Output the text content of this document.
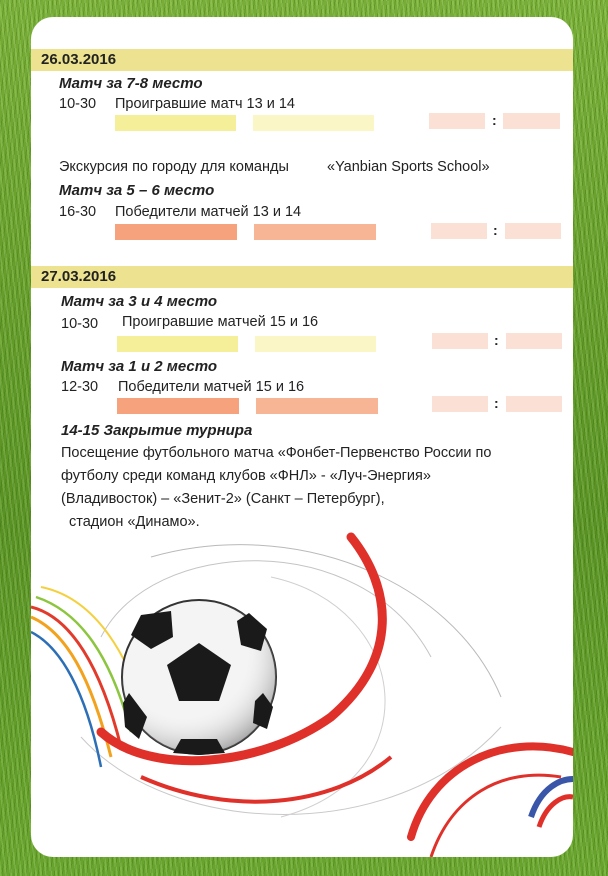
26.03.2016
Матч за 7-8 место
10-30 Проигравшие матч 13 и 14
:
Экскурсия по городу для команды	«Yanbian Sports School»
Матч за 5 – 6 место
16-30 Победители матчей 13 и 14
:
27.03.2016
Матч за 3 и 4 место
10-30 Проигравшие матчей 15 и 16
:
Матч за 1 и 2 место
12-30 Победители матчей 15 и 16
:
14-15 Закрытие турнира
Посещение футбольного матча «Фонбет-Первенство России по
футболу среди команд клубов «ФНЛ» - «Луч-Энергия»
(Владивосток) – «Зенит-2» (Санкт – Петербург),
стадион «Динамо».
